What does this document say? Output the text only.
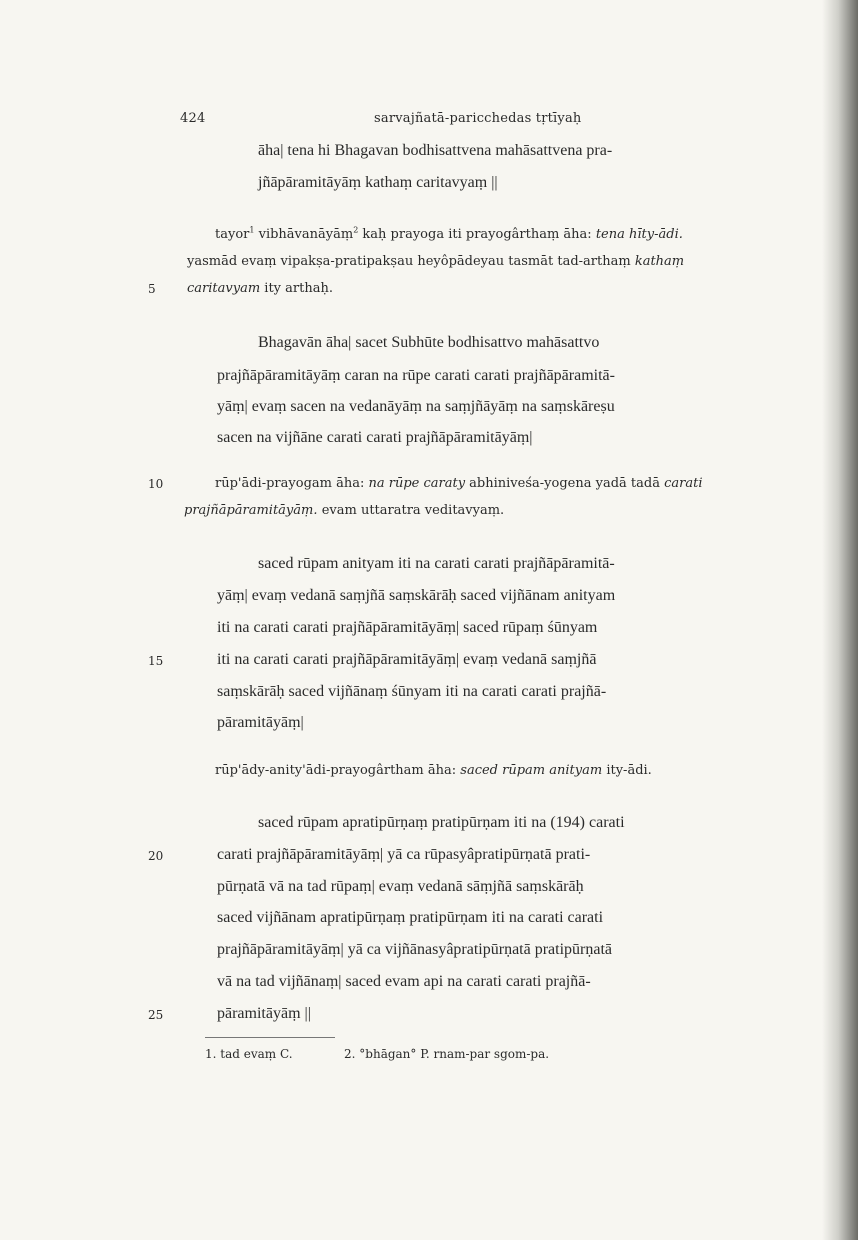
424	sarvajñatā-paricchedas tṛtīyaḥ
āha| tena hi Bhagavan bodhisattvena mahāsattvena pra-
jñāpāramitāyāṃ kathaṃ caritavyaṃ ||
tayor$^1$ vibhāvanāyāṃ$^2$ kaḥ prayoga iti prayogârthaṃ āha: tena hīty-ādi.
yasmād evaṃ vipakṣa-pratipakṣau heyôpādeyau tasmāt tad-arthaṃ kathaṃ
5 caritavyam ity arthaḥ.
Bhagavān āha| sacet Subhūte bodhisattvo mahāsattvo
prajñāpāramitāyāṃ caran na rūpe carati carati prajñāpāramitā-
yāṃ| evaṃ sacen na vedanāyāṃ na saṃjñāyāṃ na saṃskāreṣu
sacen na vijñāne carati carati prajñāpāramitāyāṃ|
10	rūp'ādi-prayogam āha: na rūpe caraty abhiniveśa-yogena yadā tadā carati
prajñāpāramitāyāṃ. evam uttaratra veditavyaṃ.
saced rūpam anityam iti na carati carati prajñāpāramitā-
yāṃ| evaṃ vedanā saṃjñā saṃskārāḥ saced vijñānam anityam
iti na carati carati prajñāpāramitāyāṃ| saced rūpaṃ śūnyam
15	iti na carati carati prajñāpāramitāyāṃ| evaṃ vedanā saṃjñā
saṃskārāḥ saced vijñānaṃ śūnyam iti na carati carati prajñā-
pāramitāyāṃ|
rūp'ādy-anity'ādi-prayogârtham āha: saced rūpam anityam ity-ādi.
saced rūpam apratipūrṇaṃ pratipūrṇam iti na (194) carati
20	carati prajñāpāramitāyāṃ| yā ca rūpasyâpratipūrṇatā prati-
pūrṇatā vā na tad rūpaṃ| evaṃ vedanā sāṃjñā saṃskārāḥ
saced vijñānam apratipūrṇaṃ pratipūrṇam iti na carati carati
prajñāpāramitāyāṃ| yā ca vijñānasyâpratipūrṇatā pratipūrṇatā
vā na tad vijñānaṃ| saced evam api na carati carati prajñā-
25	pāramitāyāṃ ||
1. tad evaṃ C.	2. °bhāgan° P. rnam-par sgom-pa.
